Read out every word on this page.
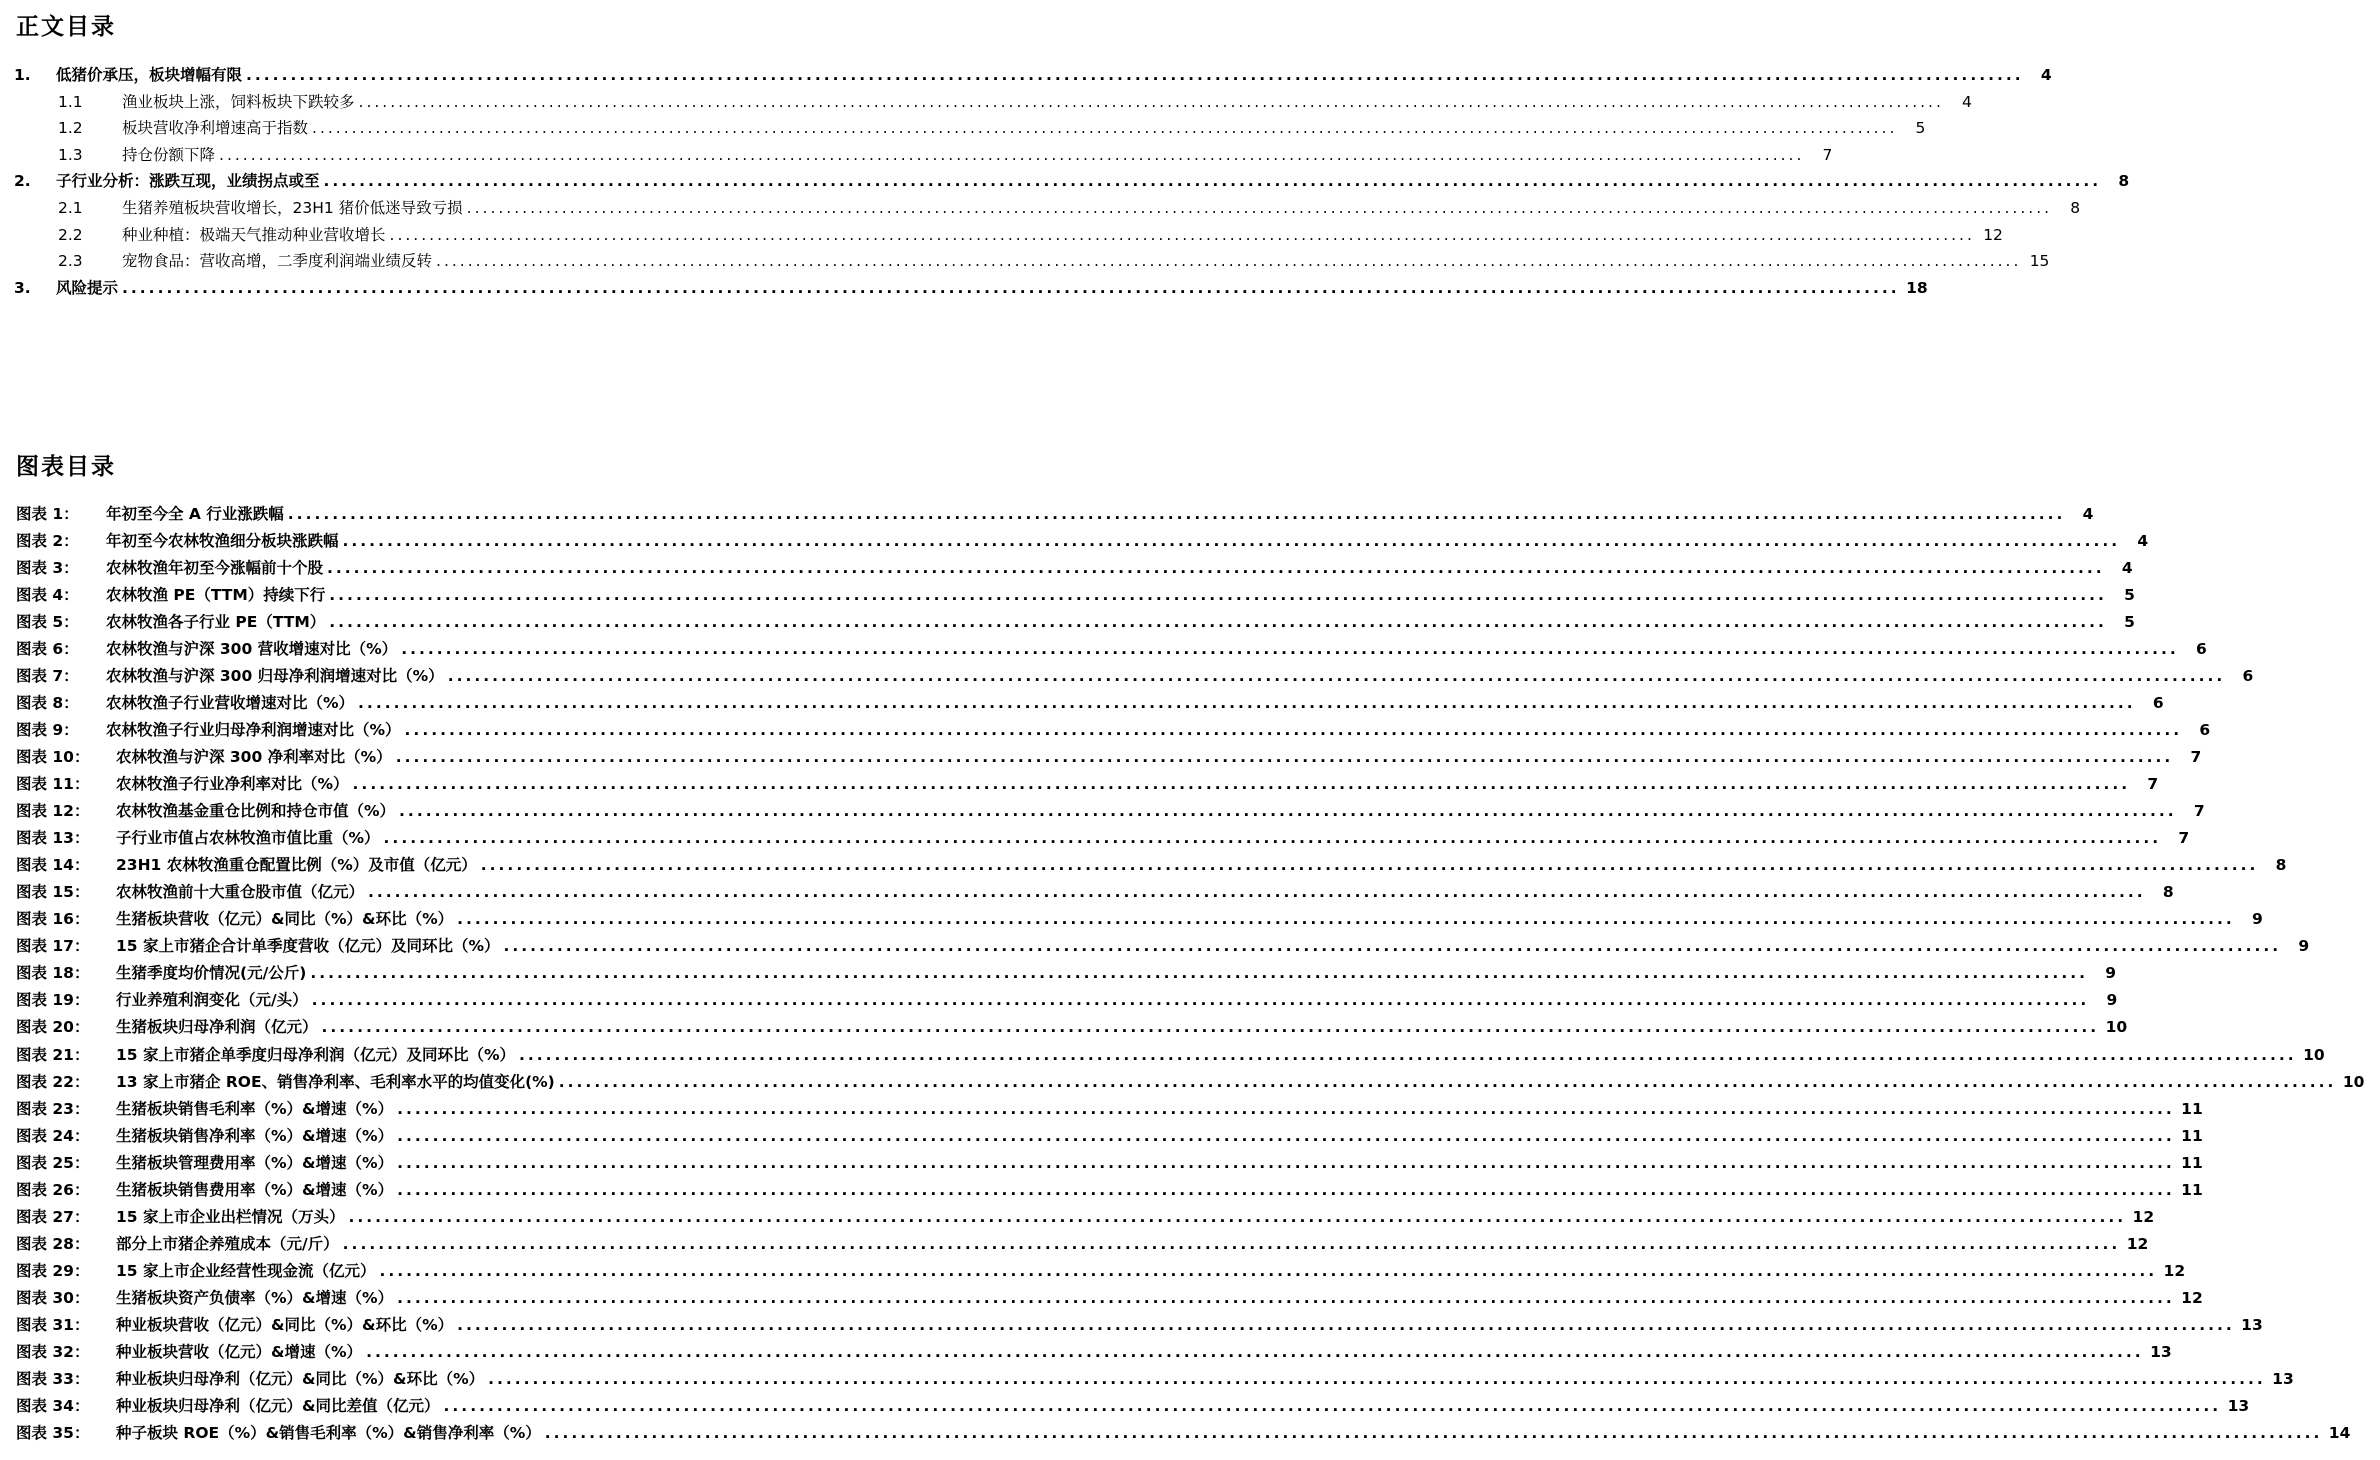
正文目录
1.	低猪价承压，板块增幅有限 ........................................................................................................................................................................................................	4
1.1	渔业板块上涨，饲料板块下跌较多 ........................................................................................................................................................................................................	4
1.2	板块营收净利增速高于指数 ........................................................................................................................................................................................................	5
1.3	持仓份额下降 ........................................................................................................................................................................................................	7
2.	子行业分析：涨跌互现，业绩拐点或至 ........................................................................................................................................................................................................	8
2.1	生猪养殖板块营收增长，23H1 猪价低迷导致亏损 ........................................................................................................................................................................................................	8
2.2	种业种植：极端天气推动种业营收增长 ........................................................................................................................................................................................................ 12
2.3	宠物食品：营收高增，二季度利润端业绩反转 ........................................................................................................................................................................................................ 15
3.	风险提示 ........................................................................................................................................................................................................ 18
图表目录
图表 1：	年初至今全 A 行业涨跌幅 ........................................................................................................................................................................................................	4
图表 2：	年初至今农林牧渔细分板块涨跌幅 ........................................................................................................................................................................................................	4
图表 3：	农林牧渔年初至今涨幅前十个股 ........................................................................................................................................................................................................	4
图表 4：	农林牧渔 PE（TTM）持续下行 ........................................................................................................................................................................................................	5
图表 5：	农林牧渔各子行业 PE（TTM） ........................................................................................................................................................................................................	5
图表 6：	农林牧渔与沪深 300 营收增速对比（%） ........................................................................................................................................................................................................	6
图表 7：	农林牧渔与沪深 300 归母净利润增速对比（%） ........................................................................................................................................................................................................	6
图表 8：	农林牧渔子行业营收增速对比（%） ........................................................................................................................................................................................................	6
图表 9：	农林牧渔子行业归母净利润增速对比（%） ........................................................................................................................................................................................................	6
图表 10：	农林牧渔与沪深 300 净利率对比（%） ........................................................................................................................................................................................................	7
图表 11：	农林牧渔子行业净利率对比（%） ........................................................................................................................................................................................................	7
图表 12：	农林牧渔基金重仓比例和持仓市值（%） ........................................................................................................................................................................................................	7
图表 13：	子行业市值占农林牧渔市值比重（%） ........................................................................................................................................................................................................	7
图表 14：	23H1 农林牧渔重仓配置比例（%）及市值（亿元） ........................................................................................................................................................................................................	8
图表 15：	农林牧渔前十大重仓股市值（亿元） ........................................................................................................................................................................................................	8
图表 16：	生猪板块营收（亿元）&同比（%）&环比（%） ........................................................................................................................................................................................................	9
图表 17：	15 家上市猪企合计单季度营收（亿元）及同环比（%） ........................................................................................................................................................................................................	9
图表 18：	生猪季度均价情况(元/公斤) ........................................................................................................................................................................................................	9
图表 19：	行业养殖利润变化（元/头） ........................................................................................................................................................................................................	9
图表 20：	生猪板块归母净利润（亿元） ........................................................................................................................................................................................................ 10
图表 21：	15 家上市猪企单季度归母净利润（亿元）及同环比（%） ........................................................................................................................................................................................................ 10
图表 22：	13 家上市猪企 ROE、销售净利率、毛利率水平的均值变化(%) ........................................................................................................................................................................................................ 10
图表 23：	生猪板块销售毛利率（%）&增速（%） ........................................................................................................................................................................................................ 11
图表 24：	生猪板块销售净利率（%）&增速（%） ........................................................................................................................................................................................................ 11
图表 25：	生猪板块管理费用率（%）&增速（%） ........................................................................................................................................................................................................ 11
图表 26：	生猪板块销售费用率（%）&增速（%） ........................................................................................................................................................................................................ 11
图表 27：	15 家上市企业出栏情况（万头） ........................................................................................................................................................................................................ 12
图表 28：	部分上市猪企养殖成本（元/斤） ........................................................................................................................................................................................................ 12
图表 29：	15 家上市企业经营性现金流（亿元） ........................................................................................................................................................................................................ 12
图表 30：	生猪板块资产负债率（%）&增速（%） ........................................................................................................................................................................................................ 12
图表 31：	种业板块营收（亿元）&同比（%）&环比（%） ........................................................................................................................................................................................................ 13
图表 32：	种业板块营收（亿元）&增速（%） ........................................................................................................................................................................................................ 13
图表 33：	种业板块归母净利（亿元）&同比（%）&环比（%） ........................................................................................................................................................................................................ 13
图表 34：	种业板块归母净利（亿元）&同比差值（亿元） ........................................................................................................................................................................................................ 13
图表 35：	种子板块 ROE（%）&销售毛利率（%）&销售净利率（%） ........................................................................................................................................................................................................ 14
